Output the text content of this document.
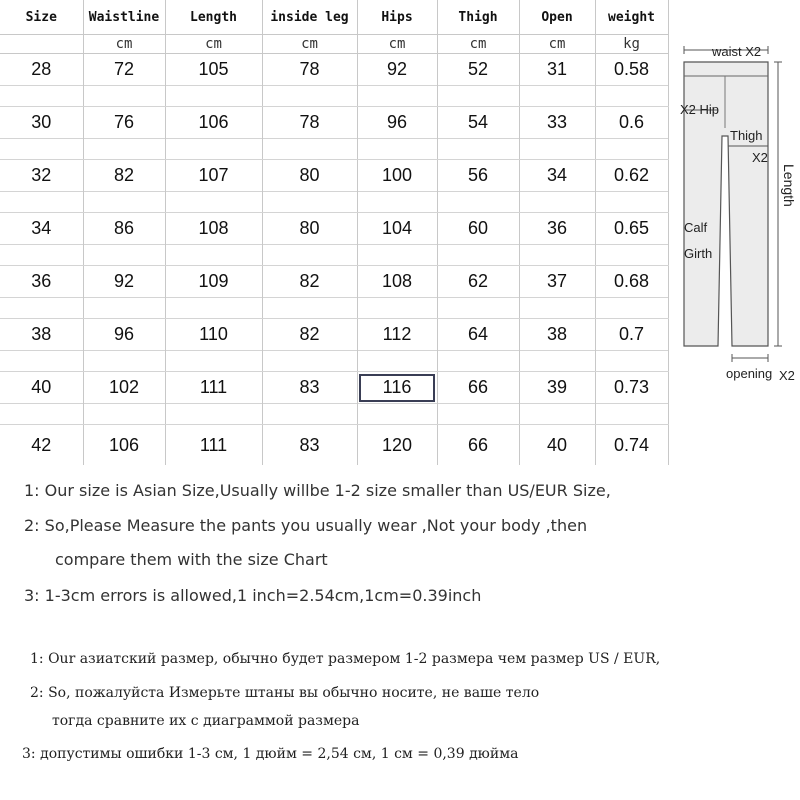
Size	Waistline	Length	inside leg	Hips	Thigh	Open	weight
	cm	cm	cm	cm	cm	cm	kg
28	72	105	78	92	52	31	0.58

30	76	106	78	96	54	33	0.6

32	82	107	80	100	56	34	0.62

34	86	108	80	104	60	36	0.65

36	92	109	82	108	62	37	0.68

38	96	110	82	112	64	38	0.7

40	102	111	83	116	66	39	0.73

42	106	111	83	120	66	40	0.74
waist X2
X2 Hip
Thigh
X2
Length
Calf
Girth
opening X2

1: Our size is Asian Size,Usually willbe 1-2 size smaller than US/EUR Size,

2: So,Please Measure the pants you usually wear ,Not your body ,then

compare them with the size Chart

3: 1-3cm errors is allowed,1 inch=2.54cm,1cm=0.39inch

1: Our азиатский размер, обычно будет размером 1-2 размера чем размер US / EUR,

2: So, пожалуйста Измерьте штаны вы обычно носите, не ваше тело

тогда сравните их с диаграммой размера

3: допустимы ошибки 1-3 см, 1 дюйм = 2,54 см, 1 см = 0,39 дюйма
